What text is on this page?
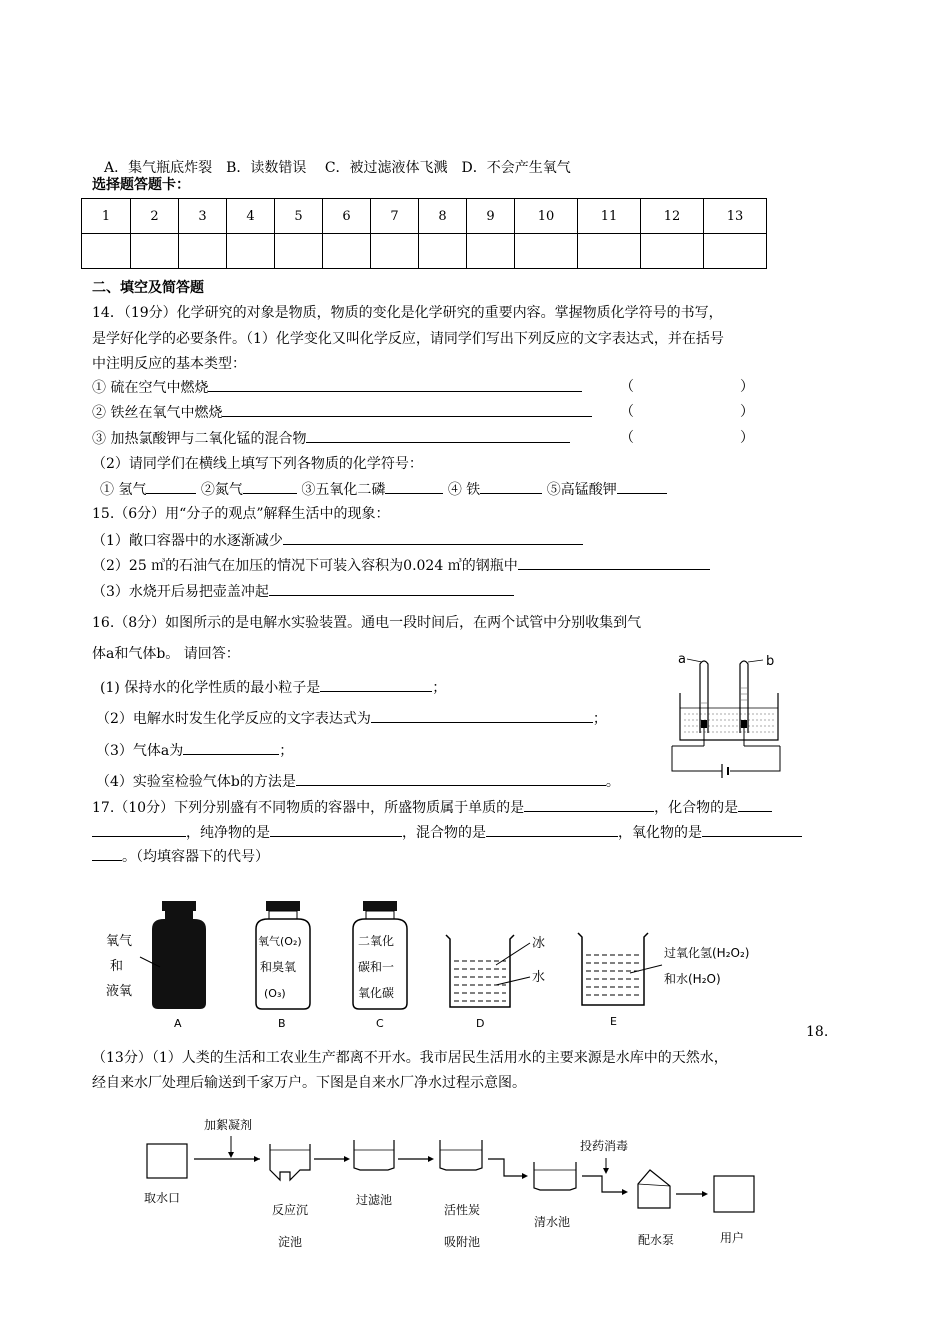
A．集气瓶底炸裂　B．读数错误　 C．被过滤液体飞溅　D．不会产生氧气
选择题答题卡：
1	2	3	4	5	6	7	8	9	10	11	12	13

二、填空及简答题
14．（19分）化学研究的对象是物质，物质的变化是化学研究的重要内容。掌握物质化学符号的书写，
是学好化学的必要条件。（1）化学变化又叫化学反应，请同学们写出下列反应的文字表达式，并在括号
中注明反应的基本类型：
① 硫在空气中燃烧	（	）
② 铁丝在氧气中燃烧	（	）
③ 加热氯酸钾与二氧化锰的混合物	（	）
（2）请同学们在横线上填写下列各物质的化学符号：
① 氢气	②氮气	③五氧化二磷	④ 铁	⑤高锰酸钾
15.（6分）用“分子的观点”解释生活中的现象：
（1）敞口容器中的水逐渐减少
（2）25 ㎥的石油气在加压的情况下可装入容积为0.024 ㎥的钢瓶中
（3）水烧开后易把壶盖冲起
16.（8分）如图所示的是电解水实验装置。通电一段时间后，在两个试管中分别收集到气
体a和气体b。 请回答：
(1) 保持水的化学性质的最小粒子是	；
（2）电解水时发生化学反应的文字表达式为	；
（3）气体a为	；
（4）实验室检验气体b的方法是	。
a	b
17.（10分）下列分别盛有不同物质的容器中，所盛物质属于单质的是	，化合物的是
，纯净物的是	，混合物的是	，氧化物的是
。（均填容器下的代号）
氧气
和
液氧
A
氧气(O₂)
和臭氧
(O₃)
B
二氧化
碳和一
氧化碳
C
冰
水
D
过氧化氢(H₂O₂)
和水(H₂O)
E
18.
（13分）（1）人类的生活和工农业生产都离不开水。我市居民生活用水的主要来源是水库中的天然水，
经自来水厂处理后输送到千家万户。下图是自来水厂净水过程示意图。
加絮凝剂
投药消毒
取水口
反应沉
淀池
过滤池
活性炭
吸附池
清水池
配水泵	用户
